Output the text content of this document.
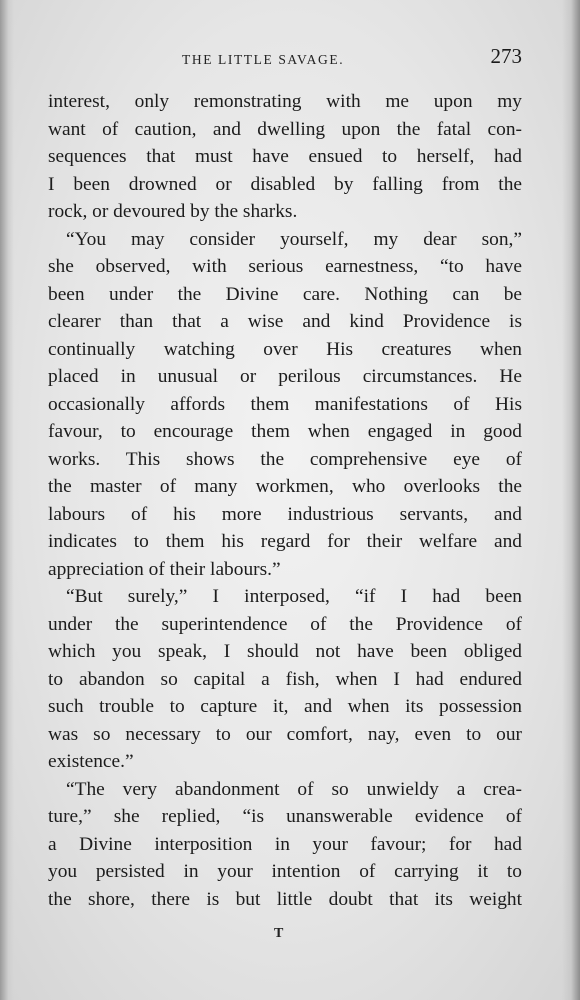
THE LITTLE SAVAGE.	273
interest, only remonstrating with me upon my
want of caution, and dwelling upon the fatal con-
sequences that must have ensued to herself, had
I been drowned or disabled by falling from the
rock, or devoured by the sharks.
“You may consider yourself, my dear son,”
she observed, with serious earnestness, “to have
been under the Divine care. Nothing can be
clearer than that a wise and kind Providence is
continually watching over His creatures when
placed in unusual or perilous circumstances. He
occasionally affords them manifestations of His
favour, to encourage them when engaged in good
works. This shows the comprehensive eye of
the master of many workmen, who overlooks the
labours of his more industrious servants, and
indicates to them his regard for their welfare and
appreciation of their labours.”
“But surely,” I interposed, “if I had been
under the superintendence of the Providence of
which you speak, I should not have been obliged
to abandon so capital a fish, when I had endured
such trouble to capture it, and when its possession
was so necessary to our comfort, nay, even to our
existence.”
“The very abandonment of so unwieldy a crea-
ture,” she replied, “is unanswerable evidence of
a Divine interposition in your favour; for had
you persisted in your intention of carrying it to
the shore, there is but little doubt that its weight
T
